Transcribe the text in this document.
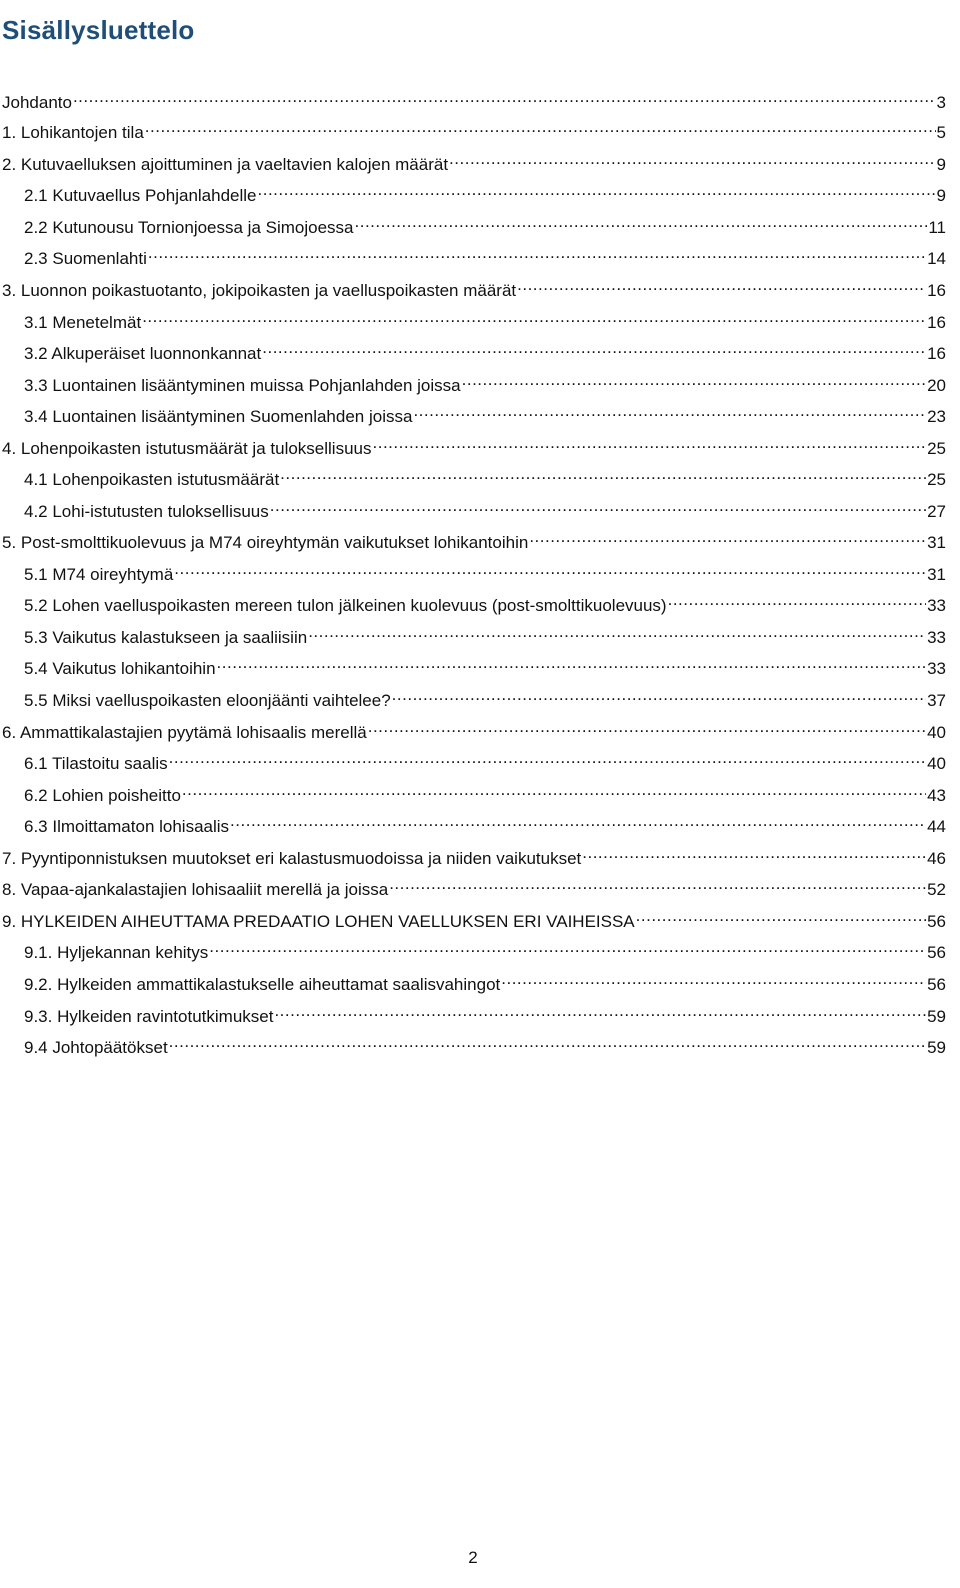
Sisällysluettelo
Johdanto .....	3
1. Lohikantojen tila .....	5
2. Kutuvaelluksen ajoittuminen ja vaeltavien kalojen määrät .....	9
2.1 Kutuvaellus Pohjanlahdelle .....	9
2.2 Kutunousu Tornionjoessa ja Simojoessa .....	11
2.3 Suomenlahti .....	14
3. Luonnon poikastuotanto, jokipoikasten ja vaelluspoikasten määrät .....	16
3.1 Menetelmät .....	16
3.2 Alkuperäiset luonnonkannat .....	16
3.3 Luontainen lisääntyminen muissa Pohjanlahden joissa .....	20
3.4 Luontainen lisääntyminen Suomenlahden joissa .....	23
4. Lohenpoikasten istutusmäärät ja tuloksellisuus .....	25
4.1 Lohenpoikasten istutusmäärät .....	25
4.2 Lohi-istutusten tuloksellisuus .....	27
5. Post-smolttikuolevuus ja M74 oireyhtymän vaikutukset lohikantoihin .....	31
5.1 M74 oireyhtymä .....	31
5.2 Lohen vaelluspoikasten mereen tulon jälkeinen kuolevuus (post-smolttikuolevuus) .....	33
5.3 Vaikutus kalastukseen ja saaliisiin .....	33
5.4 Vaikutus lohikantoihin .....	33
5.5 Miksi vaelluspoikasten eloonjäänti vaihtelee? .....	37
6. Ammattikalastajien pyytämä lohisaalis merellä .....	40
6.1 Tilastoitu saalis .....	40
6.2 Lohien poisheitto .....	43
6.3 Ilmoittamaton lohisaalis .....	44
7. Pyyntiponnistuksen muutokset eri kalastusmuodoissa ja niiden vaikutukset .....	46
8. Vapaa-ajankalastajien lohisaaliit merellä ja joissa .....	52
9. HYLKEIDEN AIHEUTTAMA PREDAATIO LOHEN VAELLUKSEN ERI VAIHEISSA .....	56
9.1. Hyljekannan kehitys .....	56
9.2. Hylkeiden ammattikalastukselle aiheuttamat saalisvahingot .....	56
9.3. Hylkeiden ravintotutkimukset .....	59
9.4 Johtopäätökset .....	59
2
